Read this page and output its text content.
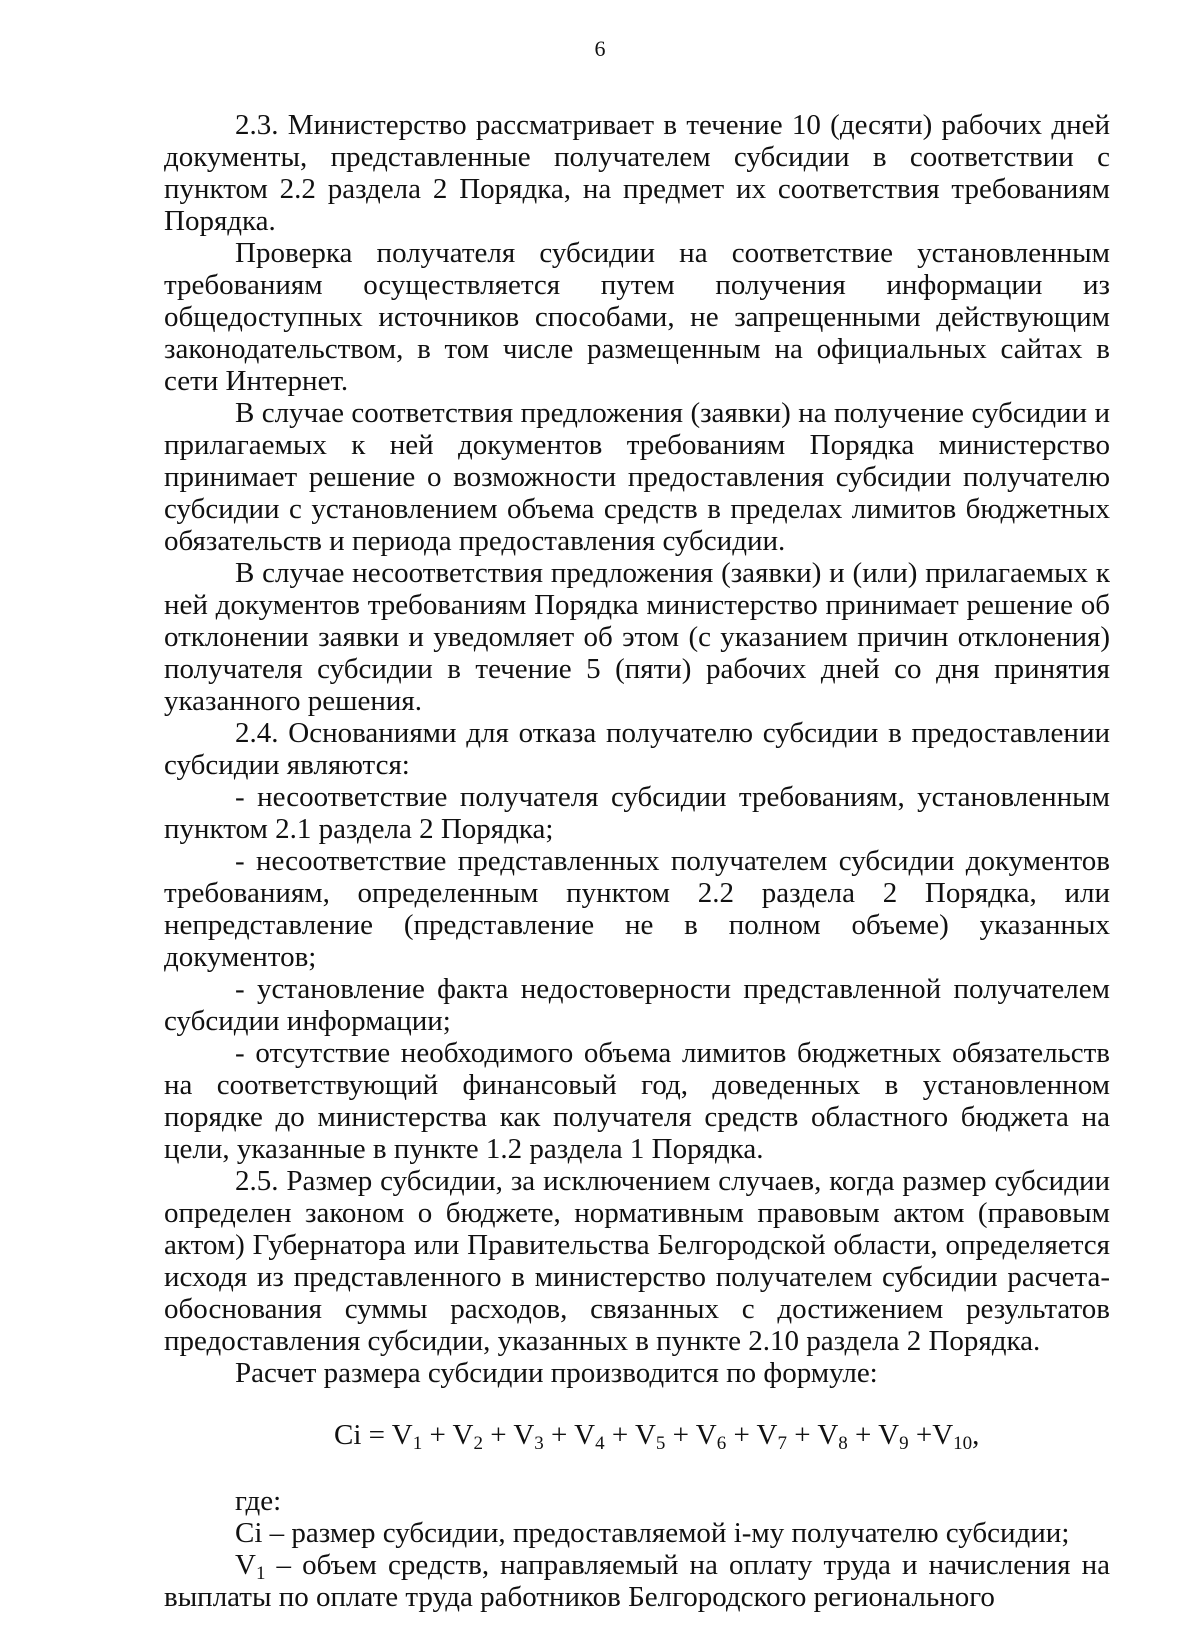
6

2.3. Министерство рассматривает в течение 10 (десяти) рабочих дней документы, представленные получателем субсидии в соответствии с пунктом 2.2 раздела 2 Порядка, на предмет их соответствия требованиям Порядка.

Проверка получателя субсидии на соответствие установленным требованиям осуществляется путем получения информации из общедоступных источников способами, не запрещенными действующим законодательством, в том числе размещенным на официальных сайтах в сети Интернет.

В случае соответствия предложения (заявки) на получение субсидии и прилагаемых к ней документов требованиям Порядка министерство принимает решение о возможности предоставления субсидии получателю субсидии с установлением объема средств в пределах лимитов бюджетных обязательств и периода предоставления субсидии.

В случае несоответствия предложения (заявки) и (или) прилагаемых к ней документов требованиям Порядка министерство принимает решение об отклонении заявки и уведомляет об этом (с указанием причин отклонения) получателя субсидии в течение 5 (пяти) рабочих дней со дня принятия указанного решения.

2.4. Основаниями для отказа получателю субсидии в предоставлении субсидии являются:

- несоответствие получателя субсидии требованиям, установленным пунктом 2.1 раздела 2 Порядка;

- несоответствие представленных получателем субсидии документов требованиям, определенным пунктом 2.2 раздела 2 Порядка, или непредставление (представление не в полном объеме) указанных документов;

- установление факта недостоверности представленной получателем субсидии информации;

- отсутствие необходимого объема лимитов бюджетных обязательств на соответствующий финансовый год, доведенных в установленном порядке до министерства как получателя средств областного бюджета на цели, указанные в пункте 1.2 раздела 1 Порядка.

2.5. Размер субсидии, за исключением случаев, когда размер субсидии определен законом о бюджете, нормативным правовым актом (правовым актом) Губернатора или Правительства Белгородской области, определяется исходя из представленного в министерство получателем субсидии расчета-обоснования суммы расходов, связанных с достижением результатов предоставления субсидии, указанных в пункте 2.10 раздела 2 Порядка.

Расчет размера субсидии производится по формуле:

$Ci = V_1 + V_2 + V_3 + V_4 + V_5 + V_6 + V_7 + V_8 + V_9 +V_{10}$,

где:

Ci – размер субсидии, предоставляемой i-му получателю субсидии;

$V_1$ – объем средств, направляемый на оплату труда и начисления на выплаты по оплате труда работников Белгородского регионального
